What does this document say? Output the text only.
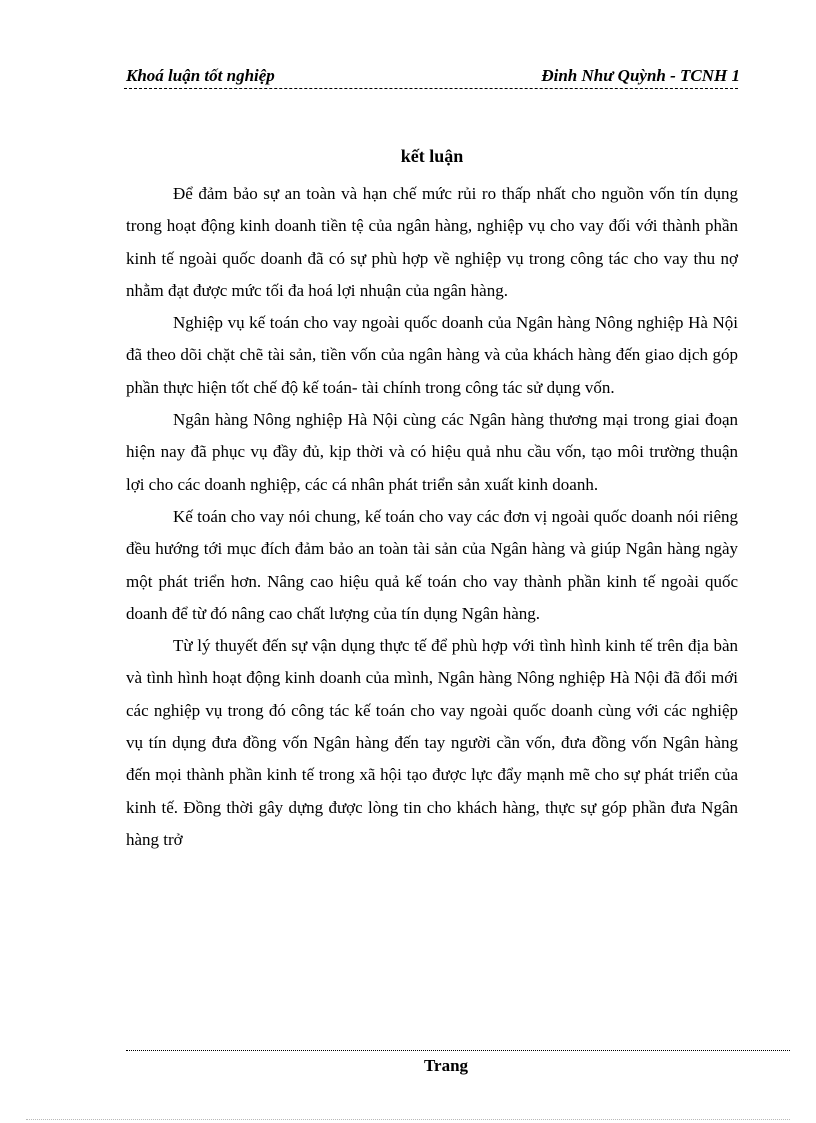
Khoá luận tốt nghiệp	Đinh Như Quỳnh - TCNH 1
kết luận

Để đảm bảo sự an toàn và hạn chế mức rủi ro thấp nhất cho nguồn vốn tín dụng trong hoạt động kinh doanh tiền tệ của ngân hàng, nghiệp vụ cho vay đối với thành phần kinh tế ngoài quốc doanh đã có sự phù hợp về nghiệp vụ trong công tác cho vay thu nợ nhằm đạt được mức tối đa hoá lợi nhuận của ngân hàng.

Nghiệp vụ kế toán cho vay ngoài quốc doanh của Ngân hàng Nông nghiệp Hà Nội đã theo dõi chặt chẽ tài sản, tiền vốn của ngân hàng và của khách hàng đến giao dịch góp phần thực hiện tốt chế độ kế toán- tài chính trong công tác sử dụng vốn.

Ngân hàng Nông nghiệp Hà Nội cùng các Ngân hàng thương mại trong giai đoạn hiện nay đã phục vụ đầy đủ, kịp thời và có hiệu quả nhu cầu vốn, tạo môi trường thuận lợi cho các doanh nghiệp, các cá nhân phát triển sản xuất kinh doanh.

Kế toán cho vay nói chung, kế toán cho vay các đơn vị ngoài quốc doanh nói riêng đều hướng tới mục đích đảm bảo an toàn tài sản của Ngân hàng và giúp Ngân hàng ngày một phát triển hơn. Nâng cao hiệu quả kế toán cho vay thành phần kinh tế ngoài quốc doanh để từ đó nâng cao chất lượng của tín dụng Ngân hàng.

Từ lý thuyết đến sự vận dụng thực tế để phù hợp với tình hình kinh tế trên địa bàn và tình hình hoạt động kinh doanh của mình, Ngân hàng Nông nghiệp Hà Nội đã đổi mới các nghiệp vụ trong đó công tác kế toán cho vay ngoài quốc doanh cùng với các nghiệp vụ tín dụng đưa đồng vốn Ngân hàng đến tay người cần vốn, đưa đồng vốn Ngân hàng đến mọi thành phần kinh tế trong xã hội tạo được lực đẩy mạnh mẽ cho sự phát triển của kinh tế. Đồng thời gây dựng được lòng tin cho khách hàng, thực sự góp phần đưa Ngân hàng trở

Trang
